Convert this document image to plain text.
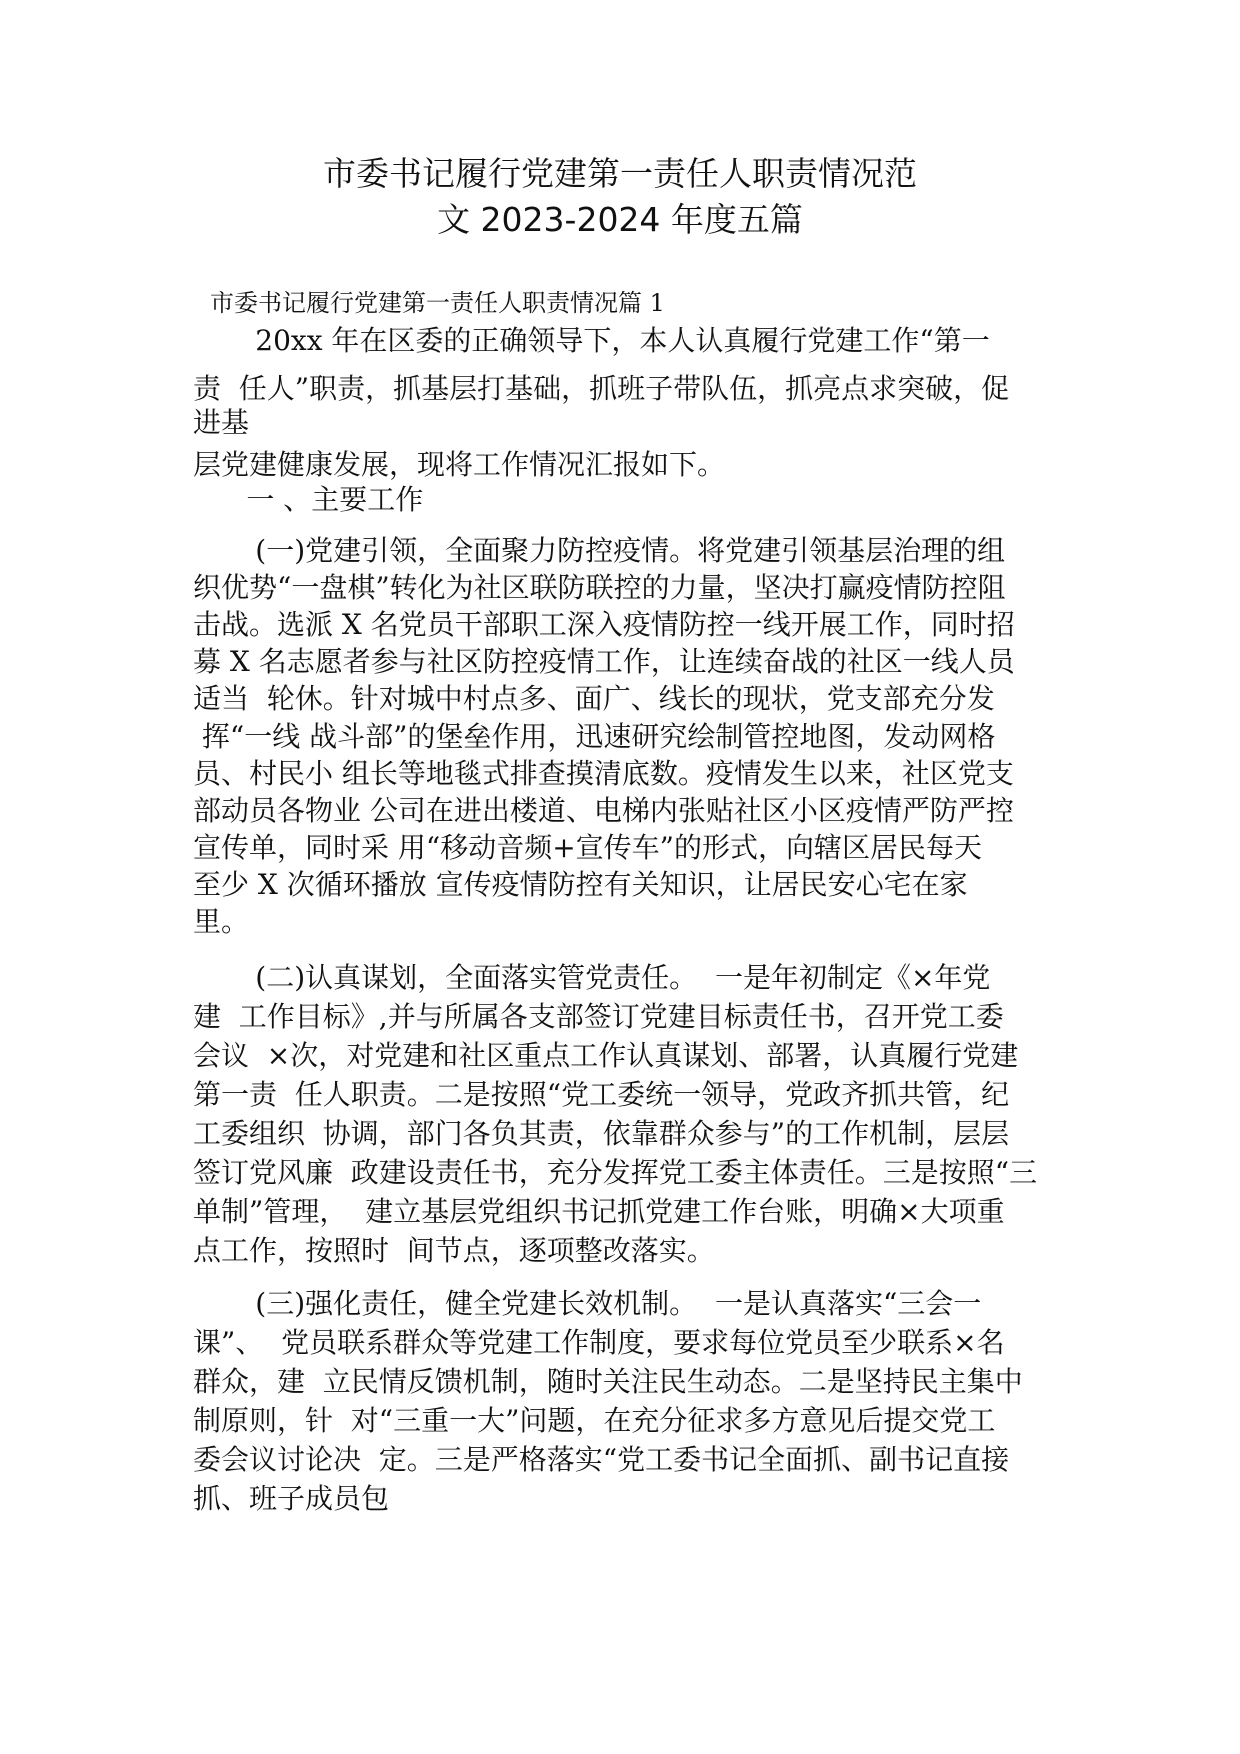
市委书记履行党建第一责任人职责情况范
文 2023-2024 年度五篇
市委书记履行党建第一责任人职责情况篇 1
20xx 年在区委的正确领导下，本人认真履行党建工作“第一
责  任人”职责，抓基层打基础，抓班子带队伍，抓亮点求突破，促
进基
层党建健康发展，现将工作情况汇报如下。
一 、主要工作
(一)党建引领，全面聚力防控疫情。将党建引领基层治理的组
织优势“一盘棋”转化为社区联防联控的力量，坚决打赢疫情防控阻
击战。选派 X 名党员干部职工深入疫情防控一线开展工作，同时招
募 X 名志愿者参与社区防控疫情工作，让连续奋战的社区一线人员
适当  轮休。针对城中村点多、面广、线长的现状，党支部充分发
挥“一线 战斗部”的堡垒作用，迅速研究绘制管控地图，发动网格
员、村民小 组长等地毯式排查摸清底数。疫情发生以来，社区党支
部动员各物业 公司在进出楼道、电梯内张贴社区小区疫情严防严控
宣传单，同时采 用“移动音频+宣传车”的形式，向辖区居民每天
至少 X 次循环播放 宣传疫情防控有关知识，让居民安心宅在家
里。
(二)认真谋划，全面落实管党责任。  一是年初制定《×年党
建  工作目标》,并与所属各支部签订党建目标责任书，召开党工委
会议  ×次，对党建和社区重点工作认真谋划、部署，认真履行党建
第一责  任人职责。二是按照“党工委统一领导，党政齐抓共管，纪
工委组织  协调，部门各负其责，依靠群众参与”的工作机制，层层
签订党风廉  政建设责任书，充分发挥党工委主体责任。三是按照“三
单制”管理，  建立基层党组织书记抓党建工作台账，明确×大项重
点工作，按照时  间节点，逐项整改落实。
(三)强化责任，健全党建长效机制。  一是认真落实“三会一
课”、  党员联系群众等党建工作制度，要求每位党员至少联系×名
群众，建  立民情反馈机制，随时关注民生动态。二是坚持民主集中
制原则，针  对“三重一大”问题，在充分征求多方意见后提交党工
委会议讨论决  定。三是严格落实“党工委书记全面抓、副书记直接
抓、班子成员包
